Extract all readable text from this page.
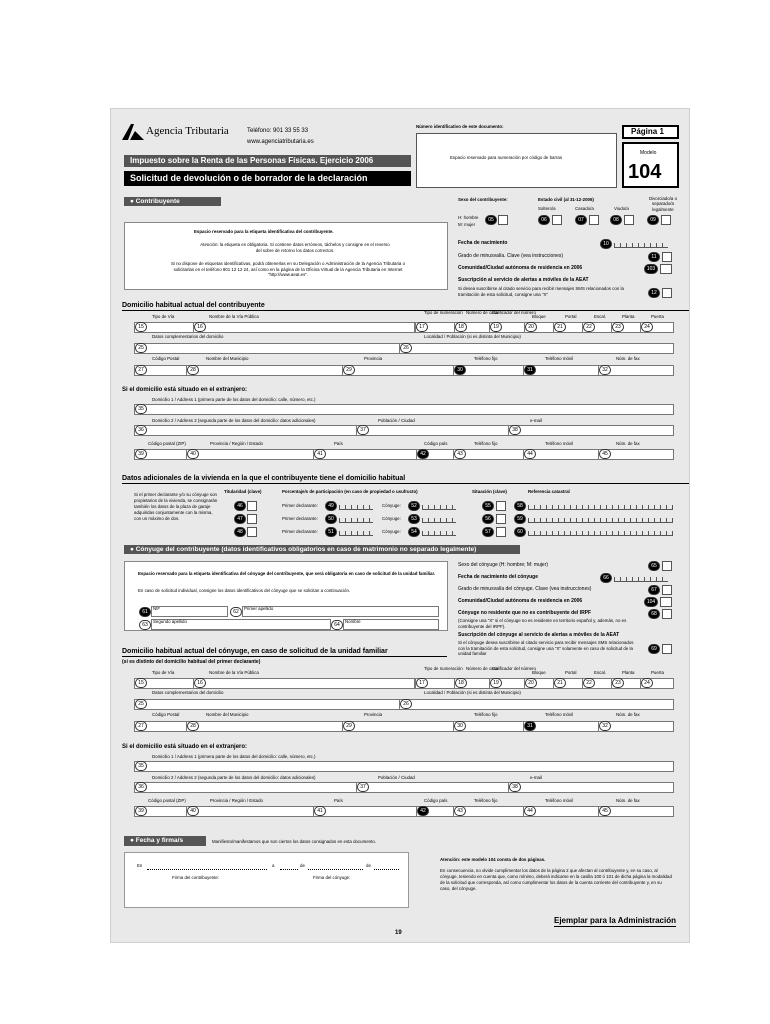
Agencia Tributaria	Teléfono: 901 33 55 33
www.agenciatributaria.es
Número identificativo de este documento:
Espacio reservado para numeración por código de barras
Página 1
Modelo
104
Impuesto sobre la Renta de las Personas Físicas. Ejercicio 2006
Solicitud de devolución o de borrador de la declaración
● Contribuyente
Espacio reservado para la etiqueta identificativa del contribuyente.
Atención: la etiqueta es obligatoria. Si contiene datos erróneos, táchelos y consigne en el reverso del sobre de retorno los datos correctos.
Si no dispone de etiquetas identificativas, podrá obtenerlas en su Delegación o Administración de la Agencia Tributaria o solicitarlas en el teléfono 901 12 12 24, así como en la página de la Oficina Virtual de la Agencia Tributaria en Internet "http://www.aeat.es".
Sexo del contribuyente:
H: hombre
M: mujer
05
Estado civil (al 31-12-2006)
Soltero/a	Casado/a	Viudo/a
Divorciado/a o separado/a legalmente
06	07	08	09
Fecha de nacimiento	10
Grado de minusvalía. Clave (vea instrucciones)	11
Comunidad/Ciudad autónoma de residencia en 2006	103
Suscripción al servicio de alertas a móviles de la AEAT
Si desea suscribirse al citado servicio para recibir mensajes SMS relacionados con la tramitación de esta solicitud, consigne una "X"	12
Domicilio habitual actual del contribuyente
Tipo de Vía	Nombre de la Vía Pública
Tipo de numeración Número de casa
Calificador del número
Bloque	Portal	Escal.	Planta	Puerta
15	16	17	18	19	20	21	22	23	24
Datos complementarios del domicilio	Localidad / Población (si es distinta del Municipio)
25	26
Código Postal	Nombre del Municipio	Provincia	Teléfono fijo	Teléfono móvil	Núm. de fax
27	28	29	30	31	32
Si el domicilio está situado en el extranjero:
Domicilio 1 / Address 1 (primera parte de los datos del domicilio: calle, número, etc.)
35
Domicilio 2 / Address 2 (segunda parte de los datos del domicilio: datos adicionales)	Población / Ciudad	e-mail
36	37	38
Código postal (ZIP)	Provincia / Región / Estado	País	Código país	Teléfono fijo	Teléfono móvil	Núm. de fax
39	40	41	42	43	44	45
Datos adicionales de la vivienda en la que el contribuyente tiene el domicilio habitual
Si el primer declarante y/o su cónyuge son propietarios de la vivienda, se consignarán también los datos de la plaza de garaje adquiridas conjuntamente con la misma, con un máximo de dos.
Titularidad (clave)	Porcentaje/s de participación (en caso de propiedad o usufructo)	Situación (clave)	Referencia catastral
46	Primer declarante:	49	Cónyuge:	52	55	58
47	Primer declarante:	50	Cónyuge:	53	56	59
48	Primer declarante:	51	Cónyuge:	54	57	60
● Cónyuge del contribuyente (datos identificativos obligatorios en caso de matrimonio no separado legalmente)
Espacio reservado para la etiqueta identificativa del cónyuge del contribuyente, que será obligatoria en caso de solicitud de la unidad familiar.
En caso de solicitud individual, consigne los datos identificativos del cónyuge que se solicitan a continuación.
61
NIF
62
Primer apellido
63
Segundo apellido
64
Nombre
Sexo del cónyuge (H: hombre; M: mujer)	65
Fecha de nacimiento del cónyuge	66
Grado de minusvalía del cónyuge. Clave (vea instrucciones)	67
Comunidad/Ciudad autónoma de residencia en 2006	104
Cónyuge no residente que no es contribuyente del IRPF
(Consigne una "X" si el cónyuge no es residente en territorio español y, además, no es contribuyente del IRPF).
68
Suscripción del cónyuge al servicio de alertas a móviles de la AEAT
Si el cónyuge desea suscribirse al citado servicio para recibir mensajes SMS relacionados con la tramitación de esta solicitud, consigne una "X" solamente en caso de solicitud de la unidad familiar
69
Domicilio habitual actual del cónyuge, en caso de solicitud de la unidad familiar
(si es distinto del domicilio habitual del primer declarante)
Tipo de Vía	Nombre de la Vía Pública
Tipo de numeración Número de casa
Calificador del número
Bloque	Portal	Escal.	Planta	Puerta
15	16	17	18	19	20	21	22	23	24
Datos complementarios del domicilio	Localidad / Población (si es distinta del Municipio)
25	26
Código Postal	Nombre del Municipio	Provincia	Teléfono fijo	Teléfono móvil	Núm. de fax
27	28	29	30	31	32
Si el domicilio está situado en el extranjero:
Domicilio 1 / Address 1 (primera parte de los datos del domicilio: calle, número, etc.)
35
Domicilio 2 / Address 2 (segunda parte de los datos del domicilio: datos adicionales)	Población / Ciudad	e-mail
36	37	38
Código postal (ZIP)	Provincia / Región / Estado	País	Código país	Teléfono fijo	Teléfono móvil	Núm. de fax
39	40	41	42	43	44	45
● Fecha y firma/s	Manifiesto/manifestamos que son ciertos los datos consignados en esta documento.
En	a	de	de
Firma del contribuyente:	Firma del cónyuge:
Atención: este modelo 104 consta de dos páginas.
En consecuencia, no olvide cumplimentar los datos de la página 2 que afectan al contribuyente y, en su caso, al cónyuge, teniendo en cuenta que, como mínimo, deberá indicarse en la casilla 100 ó 101 de dicha página la modalidad de la solicitud que corresponda, así como cumplimentar los datos de la cuenta corriente del contribuyente y, en su caso, del cónyuge.
Ejemplar para la Administración
19
